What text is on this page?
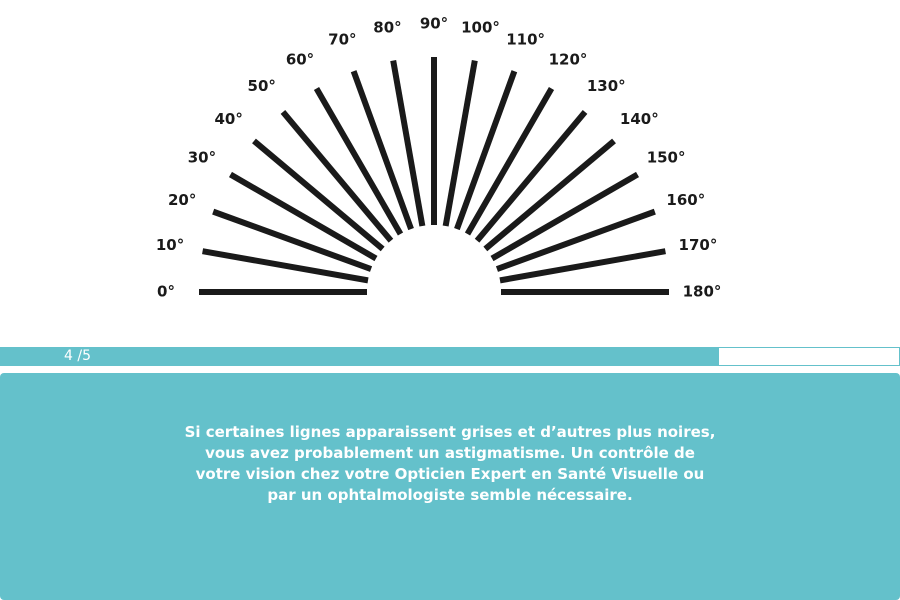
0°
10°
20°
30°
40°
50°
60°
70°
80° 90° 100°
110°
120°
130°
140°
150°
160°
170°
180°
4 /5

Si certaines lignes apparaissent grises et d’autres plus noires,
vous avez probablement un astigmatisme. Un contrôle de
votre vision chez votre Opticien Expert en Santé Visuelle ou
par un ophtalmologiste semble nécessaire.
